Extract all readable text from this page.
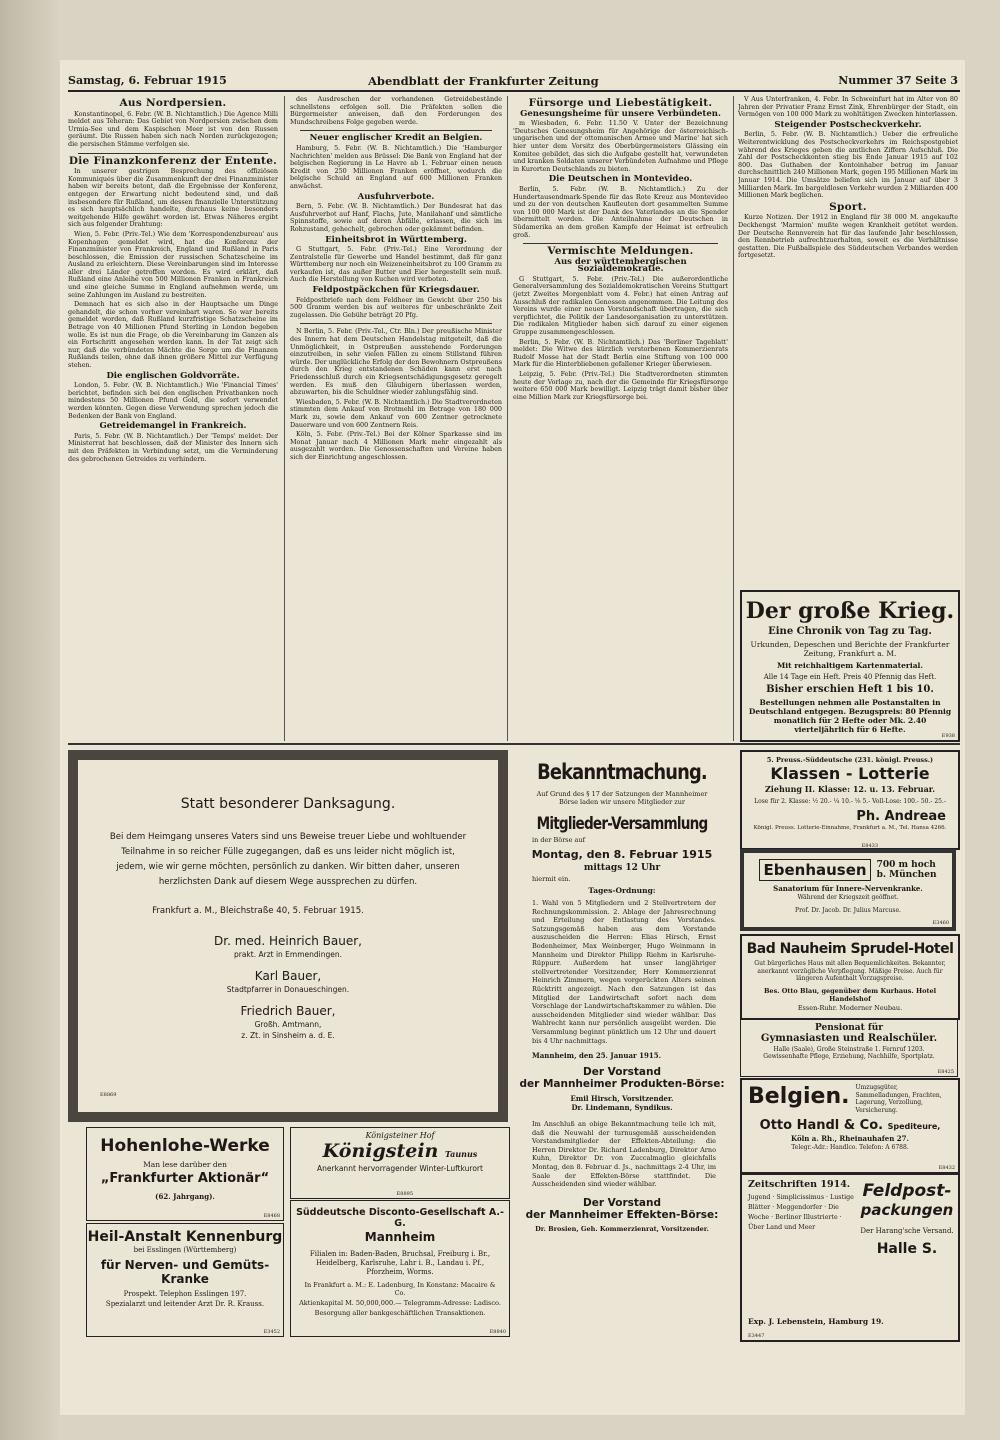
Samstag, 6. Februar 1915	Abendblatt der Frankfurter Zeitung	Nummer 37 Seite 3
Aus Nordpersien.

Konstantinopel, 6. Febr. (W. B. Nichtamtlich.) Die Agence Milli meldet aus Teheran: Das Gebiet von Nordpersien zwischen dem Urmia-See und dem Kaspischen Meer ist von den Russen geräumt. Die Russen haben sich nach Norden zurückgezogen; die persischen Stämme verfolgen sie.

Die Finanzkonferenz der Entente.

In unserer gestrigen Besprechung des offiziösen Kommuniqués über die Zusammenkunft der drei Finanzminister haben wir bereits betont, daß die Ergebnisse der Konferenz, entgegen der Erwartung nicht bedeutend sind, und daß insbesondere für Rußland, um dessen finanzielle Unterstützung es sich hauptsächlich handelte, durchaus keine besonders weitgehende Hilfe gewährt worden ist. Etwas Näheres ergibt sich aus folgender Drahtung:

Wien, 5. Febr. (Priv.-Tel.) Wie dem 'Korrespondenzbureau' aus Kopenhagen gemeldet wird, hat die Konferenz der Finanzminister von Frankreich, England und Rußland in Paris beschlossen, die Emission der russischen Schatzscheine im Ausland zu erleichtern. Diese Vereinbarungen sind im Interesse aller drei Länder getroffen worden. Es wird erklärt, daß Rußland eine Anleihe von 500 Millionen Franken in Frankreich und eine gleiche Summe in England aufnehmen werde, um seine Zahlungen im Ausland zu bestreiten.

Demnach hat es sich also in der Hauptsache um Dinge gehandelt, die schon vorher vereinbart waren. So war bereits gemeldet worden, daß Rußland kurzfristige Schatzscheine im Betrage von 40 Millionen Pfund Sterling in London begeben wolle. Es ist nun die Frage, ob die Vereinbarung im Ganzen als ein Fortschritt angesehen werden kann. In der Tat zeigt sich nur, daß die verbündeten Mächte die Sorge um die Finanzen Rußlands teilen, ohne daß ihnen größere Mittel zur Verfügung stehen.

Die englischen Goldvorräte.

London, 5. Febr. (W. B. Nichtamtlich.) Wie 'Financial Times' berichtet, befinden sich bei den englischen Privatbanken noch mindestens 50 Millionen Pfund Gold, die sofort verwendet werden könnten. Gegen diese Verwendung sprechen jedoch die Bedenken der Bank von England.

Getreidemangel in Frankreich.

Paris, 5. Febr. (W. B. Nichtamtlich.) Der 'Temps' meldet: Der Ministerrat hat beschlossen, daß der Minister des Innern sich mit den Präfekten in Verbindung setzt, um die Verminderung des gebrochenen Getreides zu verhindern.

des Ausdreschen der vorhandenen Getreidebestände schnellstens erfolgen soll. Die Präfekten sollen die Bürgermeister anweisen, daß den Forderungen des Mundschreibens Folge gegeben werde.

Neuer englischer Kredit an Belgien.

Hamburg, 5. Febr. (W. B. Nichtamtlich.) Die 'Hamburger Nachrichten' melden aus Brüssel: Die Bank von England hat der belgischen Regierung in Le Havre ab 1. Februar einen neuen Kredit von 250 Millionen Franken eröffnet, wodurch die belgische Schuld an England auf 600 Millionen Franken anwächst.

Ausfuhrverbote.

Bern, 5. Febr. (W. B. Nichtamtlich.) Der Bundesrat hat das Ausfuhrverbot auf Hanf, Flachs, Jute, Manilahanf und sämtliche Spinnstoffe, sowie auf deren Abfälle, erlassen, die sich im Rohzustand, gehechelt, gebrochen oder gekämmt befinden.

Einheitsbrot in Württemberg.

G Stuttgart, 5. Febr. (Priv.-Tel.) Eine Verordnung der Zentralstelle für Gewerbe und Handel bestimmt, daß für ganz Württemberg nur noch ein Weizeneinheitsbrot zu 100 Gramm zu verkaufen ist, das außer Butter und Eier hergestellt sein muß. Auch die Herstellung von Kuchen wird verboten.

Feldpostpäckchen für Kriegsdauer.

Feldpostbriefe nach dem Feldheer im Gewicht über 250 bis 500 Gramm werden bis auf weiteres für unbeschränkte Zeit zugelassen. Die Gebühr beträgt 20 Pfg.

N Berlin, 5. Febr. (Priv.-Tel., Ctr. Bln.) Der preußische Minister des Innern hat dem Deutschen Handelstag mitgeteilt, daß die Unmöglichkeit, in Ostpreußen ausstehende Forderungen einzutreiben, in sehr vielen Fällen zu einem Stillstand führen würde. Der unglückliche Erfolg der den Bewohnern Ostpreußens durch den Krieg entstandenen Schäden kann erst nach Friedensschluß durch ein Kriegsentschädigungsgesetz geregelt werden. Es muß den Gläubigern überlassen werden, abzuwarten, bis die Schuldner wieder zahlungsfähig sind.

Wiesbaden, 5. Febr. (W. B. Nichtamtlich.) Die Stadtverordneten stimmten dem Ankauf von Brotmehl im Betrage von 180 000 Mark zu, sowie dem Ankauf von 600 Zentner getrocknete Dauerware und von 600 Zentnern Reis.

Köln, 5. Febr. (Priv.-Tel.) Bei der Kölner Sparkasse sind im Monat Januar nach 4 Millionen Mark mehr eingezahlt als ausgezahlt worden. Die Genossenschaften und Vereine haben sich der Einrichtung angeschlossen.

Fürsorge und Liebestätigkeit.
Genesungsheime für unsere Verbündeten.

m Wiesbaden, 6. Febr. 11.50 V. Unter der Bezeichnung 'Deutsches Genesungsheim für Angehörige der österreichisch-ungarischen und der ottomanischen Armee und Marine' hat sich hier unter dem Vorsitz des Oberbürgermeisters Glässing ein Komitee gebildet, das sich die Aufgabe gestellt hat, verwundeten und kranken Soldaten unserer Verbündeten Aufnahme und Pflege in Kurorten Deutschlands zu bieten.

Die Deutschen in Montevideo.

Berlin, 5. Febr. (W. B. Nichtamtlich.) Zu der Hundertausendmark-Spende für das Rote Kreuz aus Montevideo und zu der von deutschen Kaufleuten dort gesammelten Summe von 100 000 Mark ist der Dank des Vaterlandes an die Spender übermittelt worden. Die Anteilnahme der Deutschen in Südamerika an dem großen Kampfe der Heimat ist erfreulich groß.

Vermischte Meldungen.
Aus der württembergischen Sozialdemokratie.

G Stuttgart, 5. Febr. (Priv.-Tel.) Die außerordentliche Generalversammlung des Sozialdemokratischen Vereins Stuttgart (jetzt Zweites Morgenblatt vom 4. Febr.) hat einen Antrag auf Ausschluß der radikalen Genossen angenommen. Die Leitung des Vereins wurde einer neuen Vorstandschaft übertragen, die sich verpflichtet, die Politik der Landesorganisation zu unterstützen. Die radikalen Mitglieder haben sich darauf zu einer eigenen Gruppe zusammengeschlossen.

Berlin, 5. Febr. (W. B. Nichtamtlich.) Das 'Berliner Tageblatt' meldet: Die Witwe des kürzlich verstorbenen Kommerzienrats Rudolf Mosse hat der Stadt Berlin eine Stiftung von 100 000 Mark für die Hinterbliebenen gefallener Krieger überwiesen.

Leipzig, 5. Febr. (Priv.-Tel.) Die Stadtverordneten stimmten heute der Vorlage zu, nach der die Gemeinde für Kriegsfürsorge weitere 650 000 Mark bewilligt. Leipzig trägt damit bisher über eine Million Mark zur Kriegsfürsorge bei.

V Aus Unterfranken, 4. Febr. In Schweinfurt hat im Alter von 80 Jahren der Privatier Franz Ernst Zink, Ehrenbürger der Stadt, ein Vermögen von 100 000 Mark zu wohltätigen Zwecken hinterlassen.

Steigender Postscheckverkehr.

Berlin, 5. Febr. (W. B. Nichtamtlich.) Ueber die erfreuliche Weiterentwicklung des Postscheckverkehrs im Reichspostgebiet während des Krieges geben die amtlichen Ziffern Aufschluß. Die Zahl der Postscheckkonten stieg bis Ende Januar 1915 auf 102 800. Das Guthaben der Kontoinhaber betrug im Januar durchschnittlich 240 Millionen Mark, gegen 195 Millionen Mark im Januar 1914. Die Umsätze beliefen sich im Januar auf über 3 Milliarden Mark. Im bargeldlosen Verkehr wurden 2 Milliarden 400 Millionen Mark beglichen.

Sport.

Kurze Notizen. Der 1912 in England für 38 000 M. angekaufte Deckhengst 'Marmion' mußte wegen Krankheit getötet werden. Der Deutsche Rennverein hat für das laufende Jahr beschlossen, den Rennbetrieb aufrechtzuerhalten, soweit es die Verhältnisse gestatten. Die Fußballspiele des Süddeutschen Verbandes werden fortgesetzt.

Der große Krieg.
Eine Chronik von Tag zu Tag.
Urkunden, Depeschen und Berichte der Frankfurter Zeitung, Frankfurt a. M.
Mit reichhaltigem Kartenmaterial.
Alle 14 Tage ein Heft. Preis 40 Pfennig das Heft.
Bisher erschien Heft 1 bis 10.
Bestellungen nehmen alle Postanstalten in Deutschland entgegen. Bezugspreis: 80 Pfennig monatlich für 2 Hefte oder Mk. 2.40 vierteljährlich für 6 Hefte.
E938
Statt besonderer Danksagung.
Bei dem Heimgang unseres Vaters sind uns Beweise treuer Liebe und wohltuender Teilnahme in so reicher Fülle zugegangen, daß es uns leider nicht möglich ist, jedem, wie wir gerne möchten, persönlich zu danken. Wir bitten daher, unseren herzlichsten Dank auf diesem Wege aussprechen zu dürfen.
Frankfurt a. M., Bleichstraße 40, 5. Februar 1915.
Dr. med. Heinrich Bauer,
prakt. Arzt in Emmendingen.
Karl Bauer,
Stadtpfarrer in Donaueschingen.
Friedrich Bauer,
Großh. Amtmann,
z. Zt. in Sinsheim a. d. E.
E8869
Hohenlohe-Werke
Man lese darüber den
„Frankfurter Aktionär“
(62. Jahrgang).
E8468
Heil-Anstalt Kennenburg
bei Esslingen (Württemberg)
für Nerven- und Gemüts-Kranke
Prospekt. Telephon Esslingen 197.
Spezialarzt und leitender Arzt Dr. R. Krauss.
E3452
Königsteiner Hof
Königstein Taunus
Anerkannt hervorragender Winter-Luftkurort
E8895
Süddeutsche Disconto-Gesellschaft A.-G.
Mannheim
Filialen in: Baden-Baden, Bruchsal, Freiburg i. Br., Heidelberg, Karlsruhe, Lahr i. B., Landau i. Pf., Pforzheim, Worms.
In Frankfurt a. M.: E. Ladenburg, In Konstanz: Macaire & Co.
Aktienkapital M. 50,000,000.— Telegramm-Adresse: Ladisco.
Besorgung aller bankgeschäftlichen Transaktionen.
E8840
Bekanntmachung.
Auf Grund des § 17 der Satzungen der Mannheimer Börse laden wir unsere Mitglieder zur
Mitglieder-Versammlung
in der Börse auf
Montag, den 8. Februar 1915
mittags 12 Uhr
hiermit ein.
Tages-Ordnung:
1. Wahl von 5 Mitgliedern und 2 Stellvertretern der Rechnungskommission. 2. Ablage der Jahresrechnung und Erteilung der Entlastung des Vorstandes. Satzungsgemäß haben aus dem Vorstande auszuscheiden die Herren: Elias Hirsch, Ernst Bodenheimer, Max Weinberger, Hugo Weinmann in Mannheim und Direktor Philipp Riehm in Karlsruhe-Rüppurr. Außerdem hat unser langjähriger stellvertretender Vorsitzender, Herr Kommerzienrat Heinrich Zimmern, wegen vorgerückten Alters seinen Rücktritt angezeigt. Nach den Satzungen ist das Mitglied der Landwirtschaft sofort nach dem Vorschlage der Landwirtschaftskammer zu wählen. Die ausscheidenden Mitglieder sind wieder wählbar. Das Wahlrecht kann nur persönlich ausgeübt werden. Die Versammlung beginnt pünktlich um 12 Uhr und dauert bis 4 Uhr nachmittags.
Mannheim, den 25. Januar 1915.
Der Vorstand
der Mannheimer Produkten-Börse:
Emil Hirsch, Vorsitzender.
Dr. Lindemann, Syndikus.
Im Anschluß an obige Bekanntmachung teile ich mit, daß die Neuwahl der turnusgemäß ausscheidenden Vorstandsmitglieder der Effekten-Abteilung: die Herren Direktor Dr. Richard Ladenburg, Direktor Arno Kuhn, Direktor Dr. von Zuccalmaglio gleichfalls Montag, den 8. Februar d. Js., nachmittags 2-4 Uhr, im Saale der Effekten-Börse stattfindet. Die Ausscheidenden sind wieder wählbar.
Der Vorstand
der Mannheimer Effekten-Börse:
Dr. Brosien, Geh. Kommerzienrat, Vorsitzender.
5. Preuss.-Süddeutsche (231. königl. Preuss.)
Klassen - Lotterie
Ziehung II. Klasse: 12. u. 13. Februar.
Lose für 2. Klasse: ½ 20.- ¼ 10.- ⅛ 5.- Voll-Lose: 100.- 50.- 25.-
Ph. Andreae
Königl. Preuss. Lotterie-Einnahme, Frankfurt a. M., Tel. Hansa 4266.
E8433
Ebenhausen	700 m hoch
b. München
Sanatorium für Innere-Nervenkranke.
Während der Kriegszeit geöffnet.
Prof. Dr. Jacob. Dr. Julius Marcuse.
E3460
Bad Nauheim Sprudel-Hotel
Gut bürgerliches Haus mit allen Bequemlichkeiten. Bekannter, anerkannt vorzügliche Verpflegung. Mäßige Preise. Auch für längeren Aufenthalt Vorzugspreise.
Bes. Otto Blau, gegenüber dem Kurhaus. Hotel Handelshof
Essen-Ruhr. Moderner Neubau.
Pensionat für
Gymnasiasten und Realschüler.
Halle (Saale), Große Steinstraße 1. Fernruf 1203.
Gewissenhafte Pflege, Erziehung, Nachhilfe, Sportplatz.
E8425
Belgien. Umzugsgüter, Sammelladungen, Frachten, Lagerung, Verzollung, Versicherung.
Otto Handl & Co. Spediteure,
Köln a. Rh., Rheinauhafen 27.
Telegr.-Adr.: Handlco. Telefon: A 6788.
E8432
Zeitschriften 1914.
Jugend · Simplicissimus · Lustige Blätter · Meggendorfer · Die Woche · Berliner Illustrierte · Über Land und Meer
Feldpost-
packungen
Der Harang'sche Versand.
Halle S.
Exp. J. Lebenstein, Hamburg 19.
E3447
